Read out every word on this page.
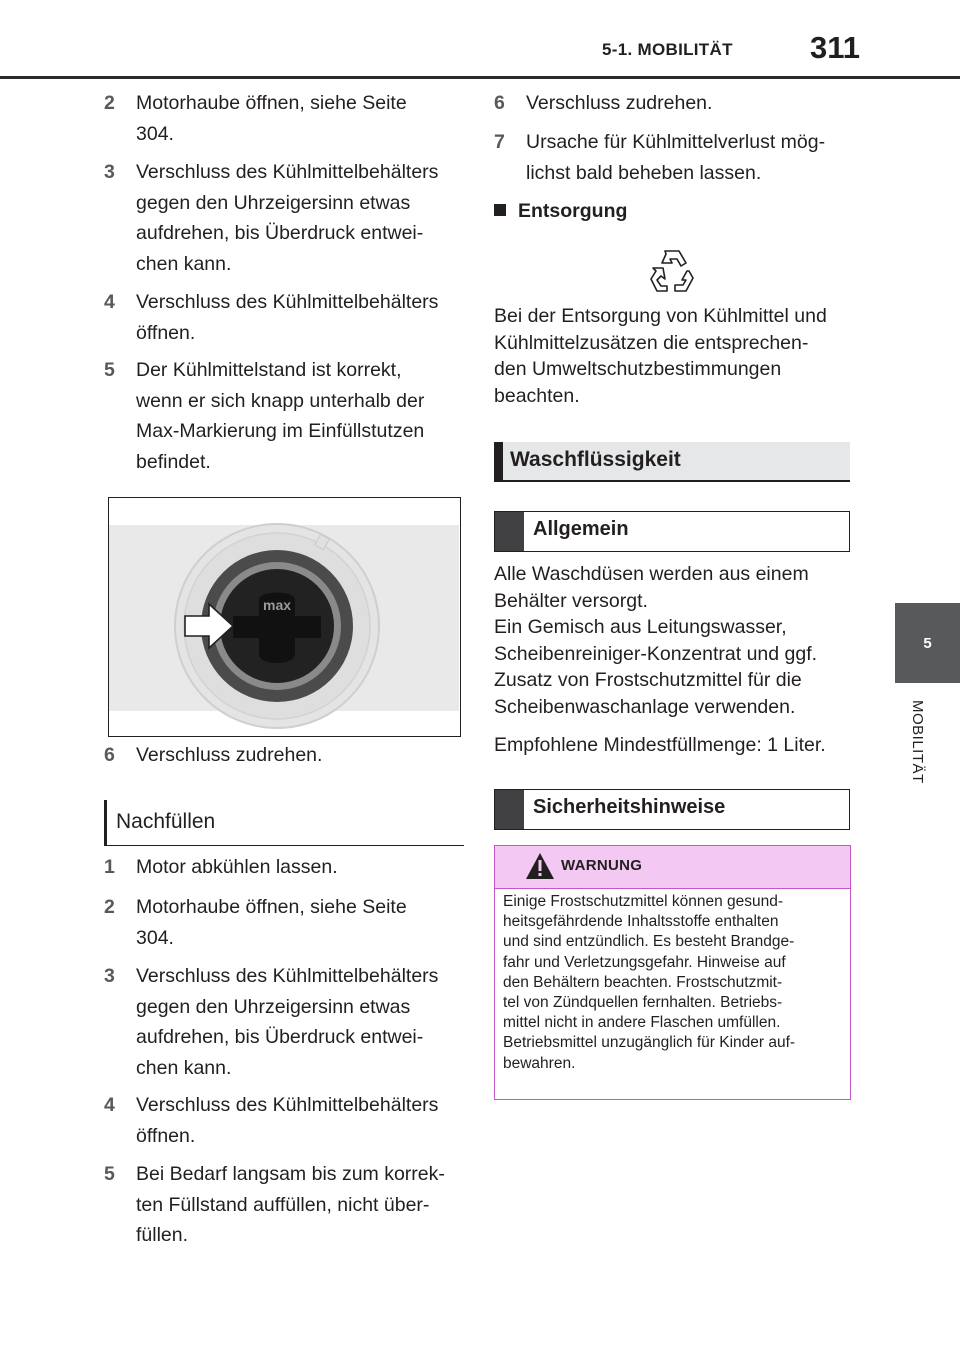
5-1. MOBILITÄT 311
5
MOBILITÄT
2 Motorhaube öffnen, siehe Seite
304.
3 Verschluss des Kühlmittelbehälters
gegen den Uhrzeigersinn etwas
aufdrehen, bis Überdruck entwei-
chen kann.
4 Verschluss des Kühlmittelbehälters
öffnen.
5 Der Kühlmittelstand ist korrekt,
wenn er sich knapp unterhalb der
Max-Markierung im Einfüllstutzen
befindet.
max
6 Verschluss zudrehen.
Nachfüllen
1 Motor abkühlen lassen.
2 Motorhaube öffnen, siehe Seite
304.
3 Verschluss des Kühlmittelbehälters
gegen den Uhrzeigersinn etwas
aufdrehen, bis Überdruck entwei-
chen kann.
4 Verschluss des Kühlmittelbehälters
öffnen.
5 Bei Bedarf langsam bis zum korrek-
ten Füllstand auffüllen, nicht über-
füllen.
6 Verschluss zudrehen.
7 Ursache für Kühlmittelverlust mög-
lichst bald beheben lassen.
Entsorgung
Bei der Entsorgung von Kühlmittel und
Kühlmittelzusätzen die entsprechen-
den Umweltschutzbestimmungen
beachten.
Waschflüssigkeit
Allgemein
Alle Waschdüsen werden aus einem
Behälter versorgt.
Ein Gemisch aus Leitungswasser,
Scheibenreiniger-Konzentrat und ggf.
Zusatz von Frostschutzmittel für die
Scheibenwaschanlage verwenden.
Empfohlene Mindestfüllmenge: 1 Liter.
Sicherheitshinweise
WARNUNG
Einige Frostschutzmittel können gesund-
heitsgefährdende Inhaltsstoffe enthalten
und sind entzündlich. Es besteht Brandge-
fahr und Verletzungsgefahr. Hinweise auf
den Behältern beachten. Frostschutzmit-
tel von Zündquellen fernhalten. Betriebs-
mittel nicht in andere Flaschen umfüllen.
Betriebsmittel unzugänglich für Kinder auf-
bewahren.
